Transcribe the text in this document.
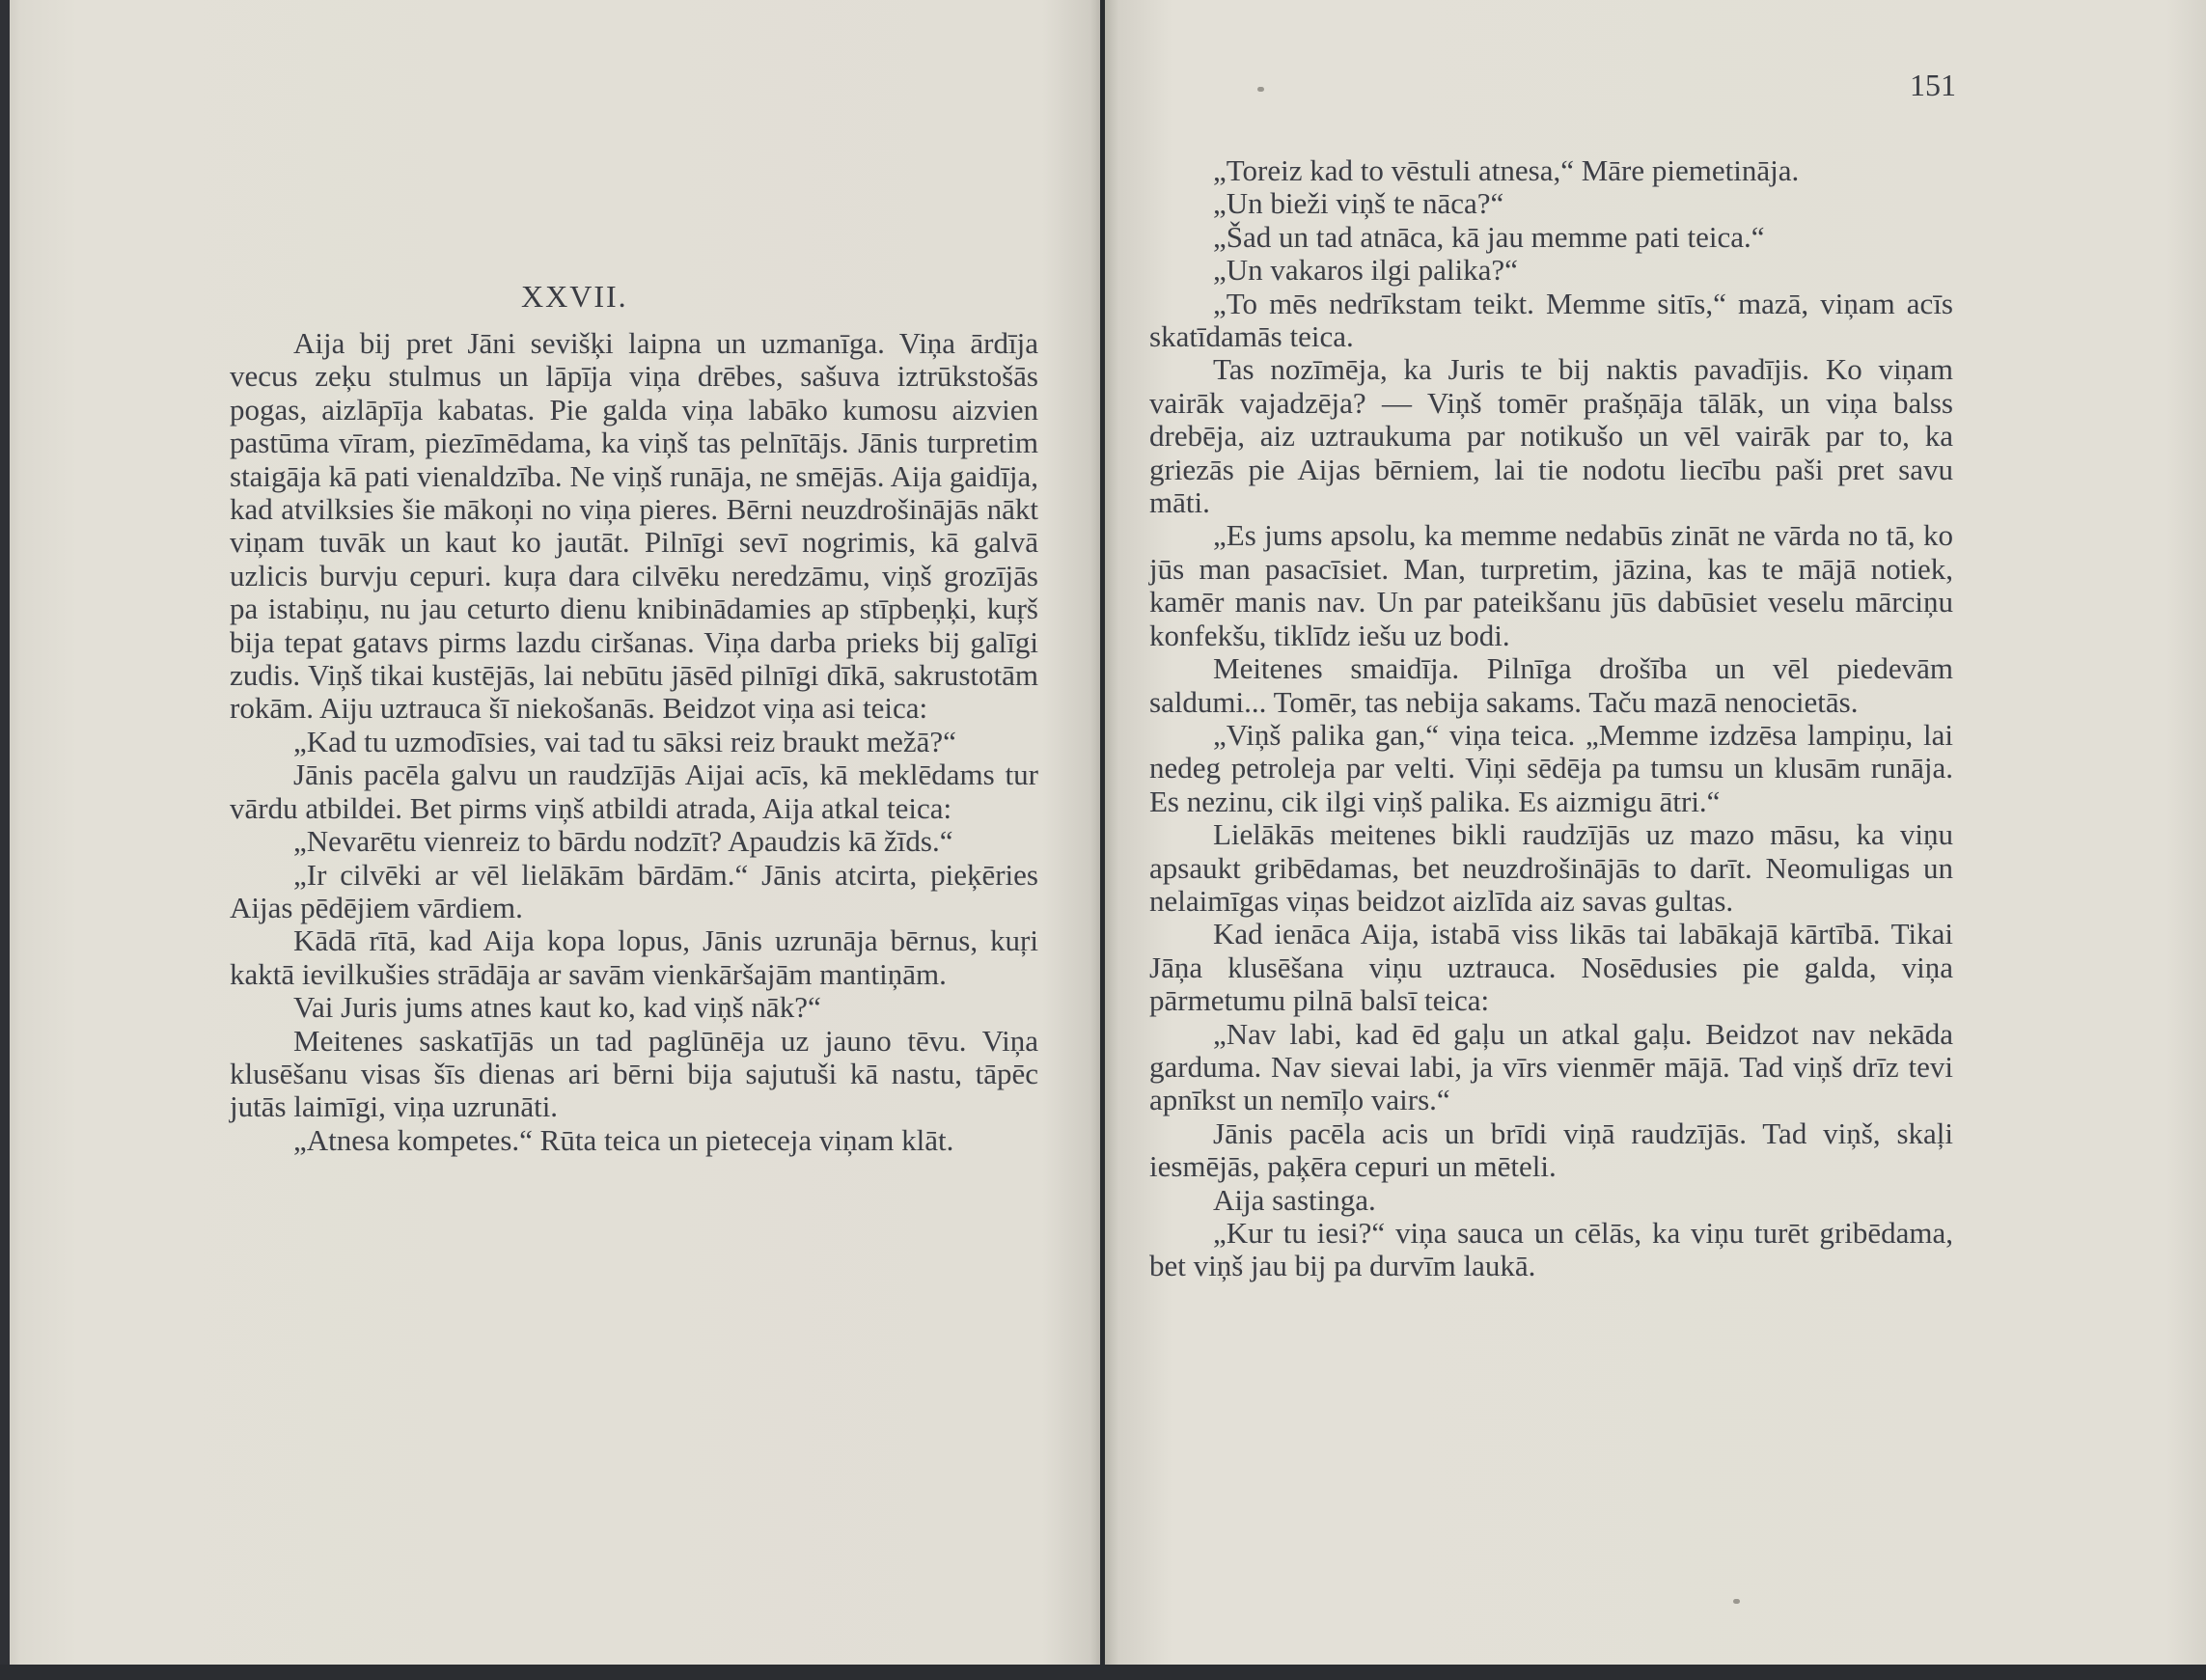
XXVII.

Aija bij pret Jāni sevišķi laipna un uzmanīga. Viņa ārdīja vecus zeķu stulmus un lāpīja viņa drēbes, sašuva iztrūkstošās pogas, aizlāpīja kabatas. Pie galda viņa labāko kumosu aizvien pastūma vīram, piezīmēdama, ka viņš tas pelnītājs. Jānis turpretim staigāja kā pati vienaldzība. Ne viņš runāja, ne smējās. Aija gaidīja, kad atvilksies šie mākoņi no viņa pieres. Bērni neuzdrošinājās nākt viņam tuvāk un kaut ko jautāt. Pilnīgi sevī nogrimis, kā galvā uzlicis burvju cepuri. kuŗa dara cilvēku neredzāmu, viņš grozījās pa istabiņu, nu jau ceturto dienu knibinādamies ap stīpbeņķi, kuŗš bija tepat gatavs pirms lazdu ciršanas. Viņa darba prieks bij galīgi zudis. Viņš tikai kustējās, lai nebūtu jāsēd pilnīgi dīkā, sakrustotām rokām. Aiju uztrauca šī niekošanās. Beidzot viņa asi teica:

„Kad tu uzmodīsies, vai tad tu sāksi reiz braukt mežā?“

Jānis pacēla galvu un raudzījās Aijai acīs, kā meklēdams tur vārdu atbildei. Bet pirms viņš atbildi atrada, Aija atkal teica:

„Nevarētu vienreiz to bārdu nodzīt? Apaudzis kā žīds.“

„Ir cilvēki ar vēl lielākām bārdām.“ Jānis atcirta, pieķēries Aijas pēdējiem vārdiem.

Kādā rītā, kad Aija kopa lopus, Jānis uzrunāja bērnus, kuŗi kaktā ievilkušies strādāja ar savām vienkāršajām mantiņām.

Vai Juris jums atnes kaut ko, kad viņš nāk?“

Meitenes saskatījās un tad paglūnēja uz jauno tēvu. Viņa klusēšanu visas šīs dienas ari bērni bija sajutuši kā nastu, tāpēc jutās laimīgi, viņa uzrunāti.

„Atnesa kompetes.“ Rūta teica un pieteceja viņam klāt.

„Toreiz kad to vēstuli atnesa,“ Māre piemetināja.

„Un bieži viņš te nāca?“

„Šad un tad atnāca, kā jau memme pati teica.“

„Un vakaros ilgi palika?“

„To mēs nedrīkstam teikt. Memme sitīs,“ mazā, viņam acīs skatīdamās teica.

Tas nozīmēja, ka Juris te bij naktis pavadījis. Ko viņam vairāk vajadzēja? — Viņš tomēr prašņāja tālāk, un viņa balss drebēja, aiz uztraukuma par notikušo un vēl vairāk par to, ka griezās pie Aijas bērniem, lai tie nodotu liecību paši pret savu māti.

„Es jums apsolu, ka memme nedabūs zināt ne vārda no tā, ko jūs man pasacīsiet. Man, turpretim, jāzina, kas te mājā notiek, kamēr manis nav. Un par pateikšanu jūs dabūsiet veselu mārciņu konfekšu, tiklīdz iešu uz bodi.

Meitenes smaidīja. Pilnīga drošība un vēl piedevām saldumi... Tomēr, tas nebija sakams. Taču mazā nenocietās.

„Viņš palika gan,“ viņa teica. „Memme izdzēsa lampiņu, lai nedeg petroleja par velti. Viņi sēdēja pa tumsu un klusām runāja. Es nezinu, cik ilgi viņš palika. Es aizmigu ātri.“

Lielākās meitenes bikli raudzījās uz mazo māsu, ka viņu apsaukt gribēdamas, bet neuzdrošinājās to darīt. Neomuligas un nelaimīgas viņas beidzot aizlīda aiz savas gultas.

Kad ienāca Aija, istabā viss likās tai labākajā kārtībā. Tikai Jāņa klusēšana viņu uztrauca. Nosēdusies pie galda, viņa pārmetumu pilnā balsī teica:

„Nav labi, kad ēd gaļu un atkal gaļu. Beidzot nav nekāda garduma. Nav sievai labi, ja vīrs vienmēr mājā. Tad viņš drīz tevi apnīkst un nemīļo vairs.“

Jānis pacēla acis un brīdi viņā raudzījās. Tad viņš, skaļi iesmējās, paķēra cepuri un mēteli.

Aija sastinga.

„Kur tu iesi?“ viņa sauca un cēlās, ka viņu turēt gribēdama, bet viņš jau bij pa durvīm laukā.

151
